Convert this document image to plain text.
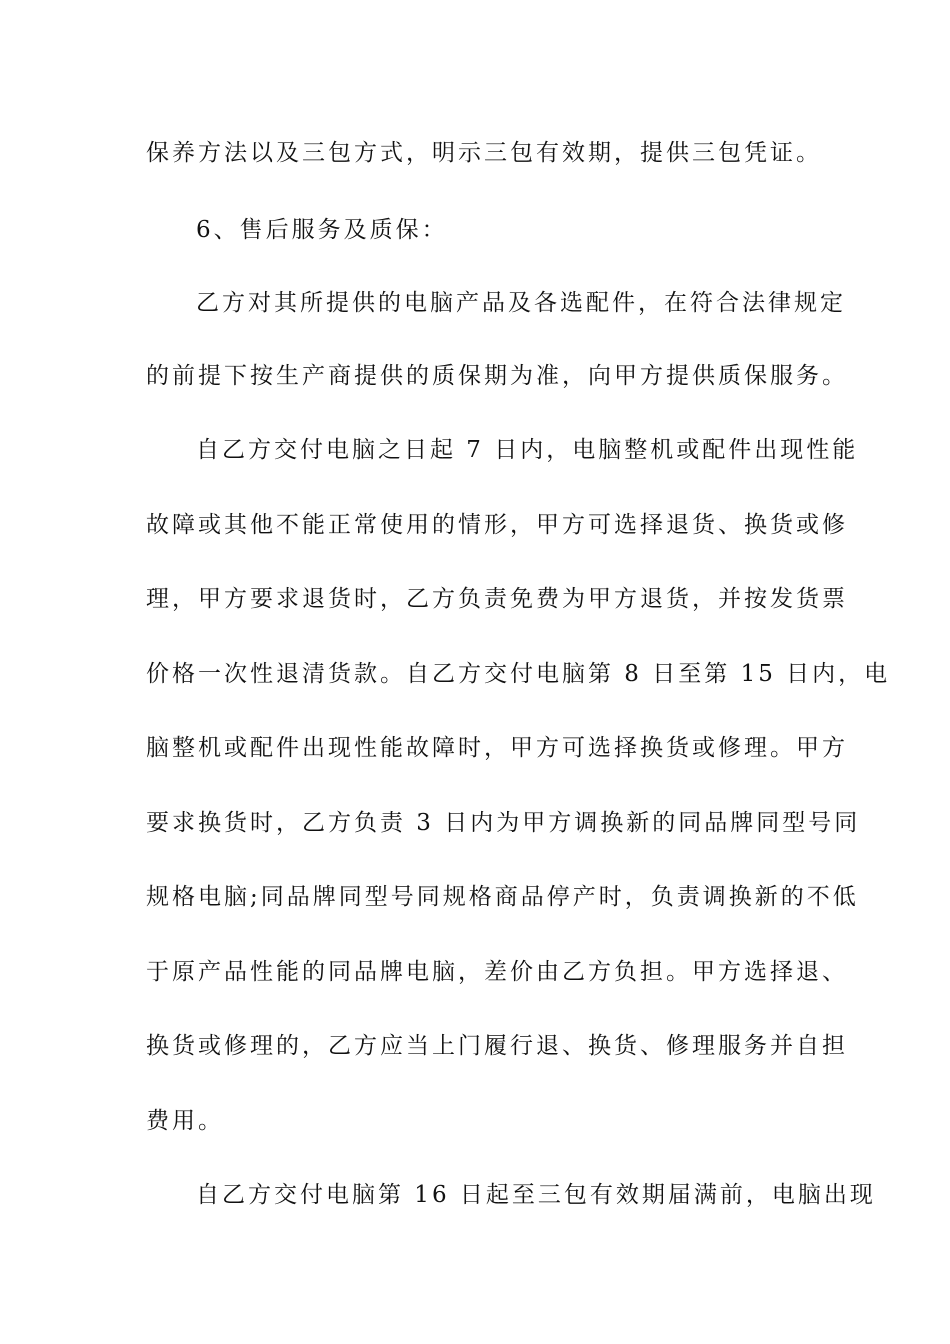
保养方法以及三包方式，明示三包有效期，提供三包凭证。
6、售后服务及质保：
乙方对其所提供的电脑产品及各选配件，在符合法律规定
的前提下按生产商提供的质保期为准，向甲方提供质保服务。
自乙方交付电脑之日起 7 日内，电脑整机或配件出现性能
故障或其他不能正常使用的情形，甲方可选择退货、换货或修
理，甲方要求退货时，乙方负责免费为甲方退货，并按发货票
价格一次性退清货款。自乙方交付电脑第 8 日至第 15 日内，电
脑整机或配件出现性能故障时，甲方可选择换货或修理。甲方
要求换货时，乙方负责 3 日内为甲方调换新的同品牌同型号同
规格电脑;同品牌同型号同规格商品停产时，负责调换新的不低
于原产品性能的同品牌电脑，差价由乙方负担。甲方选择退、
换货或修理的，乙方应当上门履行退、换货、修理服务并自担
费用。
自乙方交付电脑第 16 日起至三包有效期届满前，电脑出现
